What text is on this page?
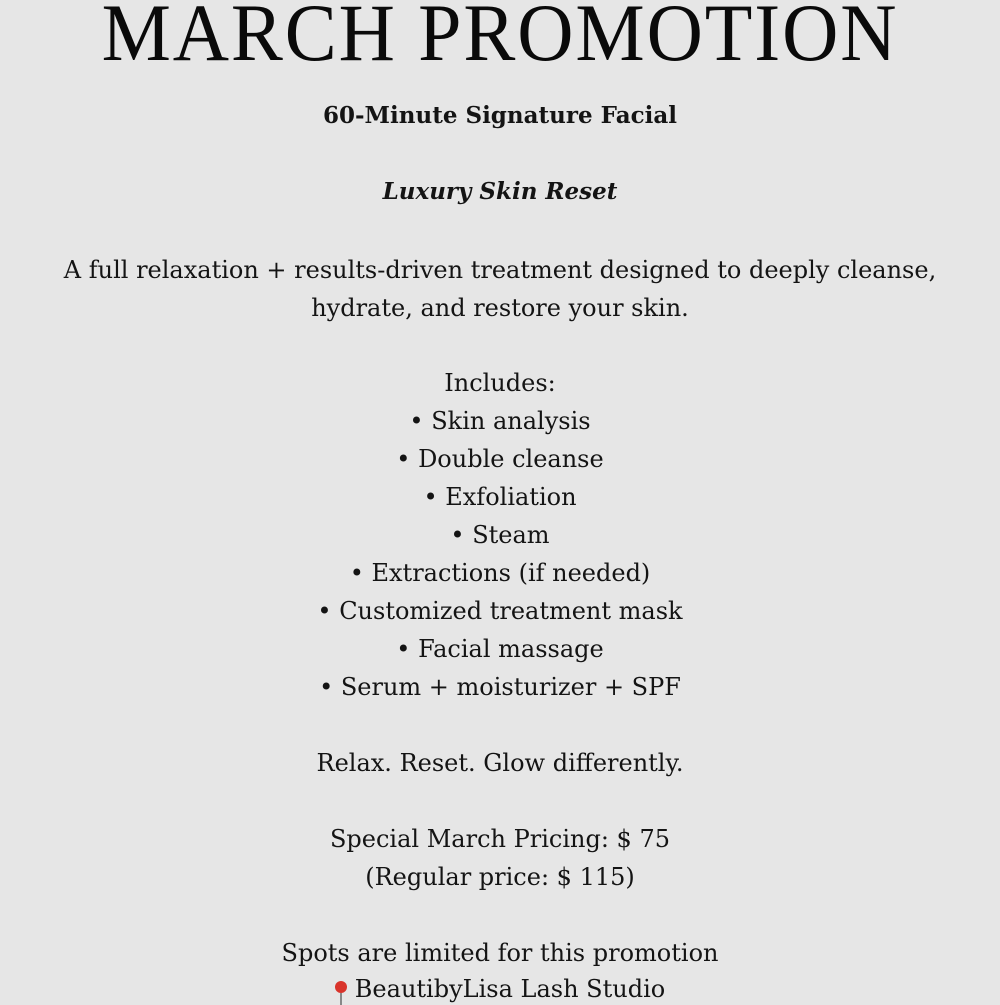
MARCH PROMOTION
60-Minute Signature Facial
Luxury Skin Reset
A full relaxation + results-driven treatment designed to deeply cleanse,
hydrate, and restore your skin.
Includes:
• Skin analysis
• Double cleanse
• Exfoliation
• Steam
• Extractions (if needed)
• Customized treatment mask
• Facial massage
• Serum + moisturizer + SPF
Relax. Reset. Glow differently.
Special March Pricing: $ 75
(Regular price: $ 115)
Spots are limited for this promotion
BeautibyLisa Lash Studio
